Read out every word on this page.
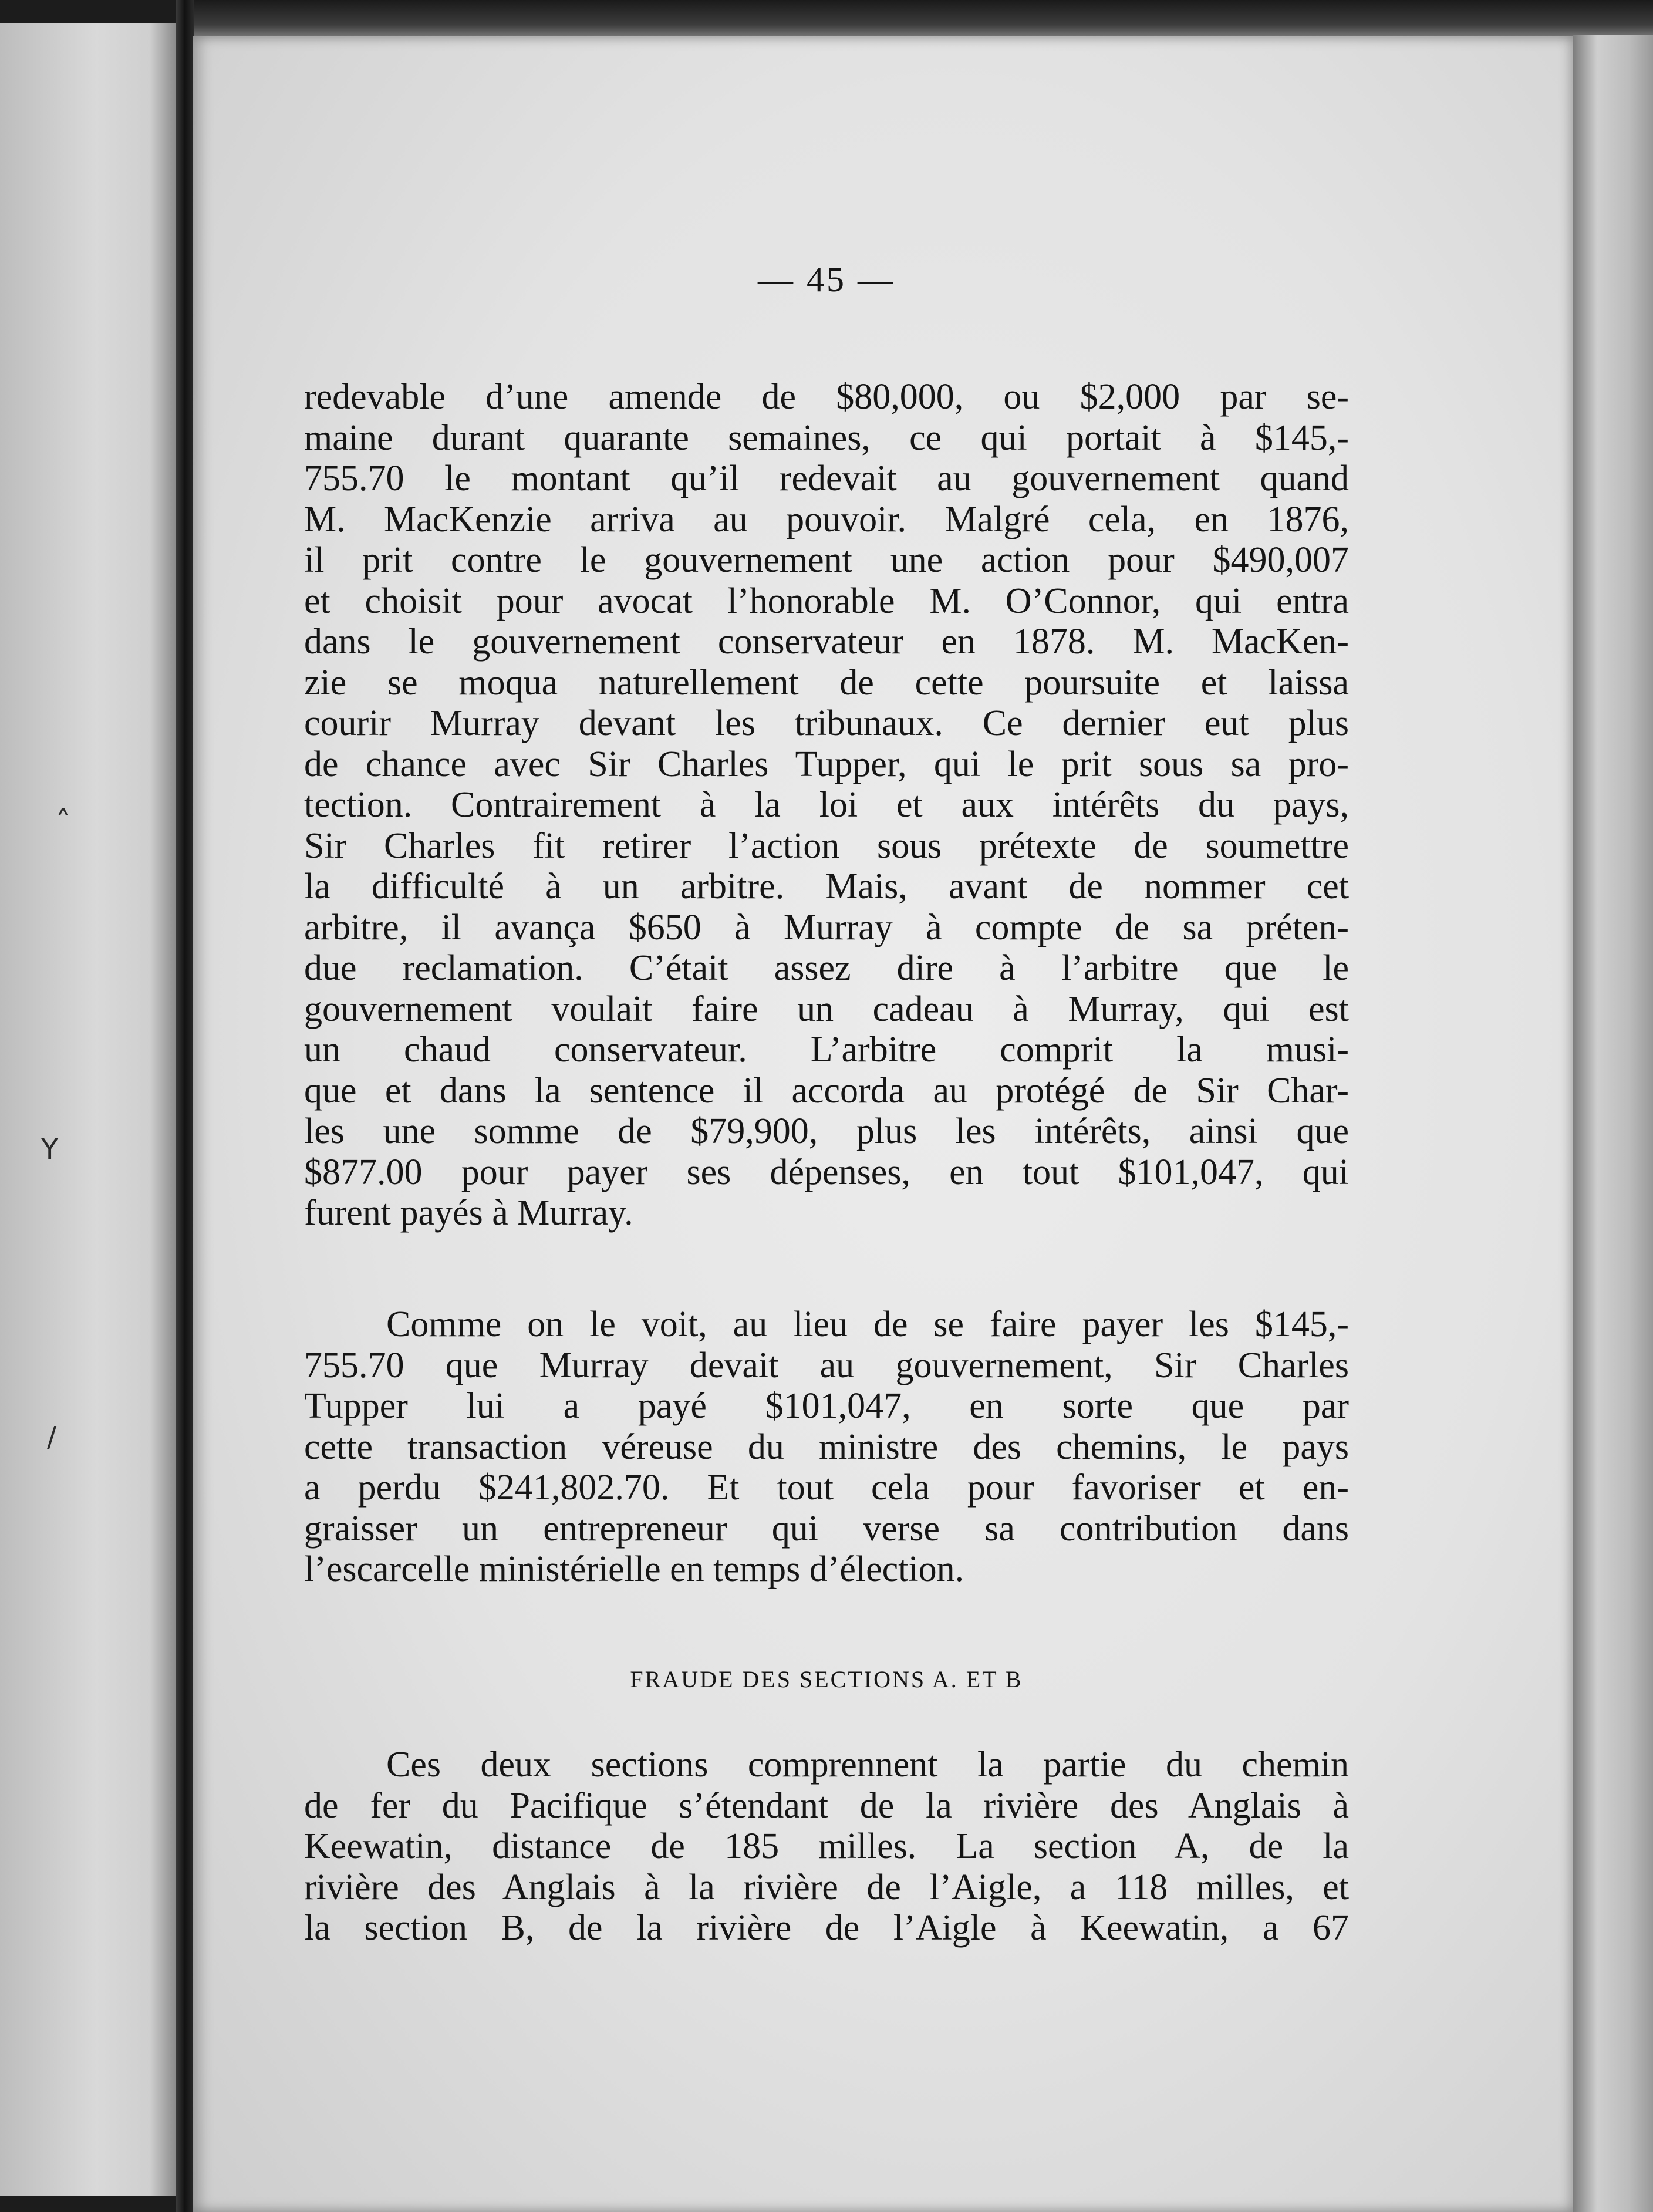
˄
Y
/
— 45 —
redevable d’une amende de $80,000, ou $2,000 par se-
maine durant quarante semaines, ce qui portait à $145,-
755.70 le montant qu’il redevait au gouvernement quand
M. MacKenzie arriva au pouvoir. Malgré cela, en 1876,
il prit contre le gouvernement une action pour $490,007
et choisit pour avocat l’honorable M. O’Connor, qui entra
dans le gouvernement conservateur en 1878. M. MacKen-
zie se moqua naturellement de cette poursuite et laissa
courir Murray devant les tribunaux. Ce dernier eut plus
de chance avec Sir Charles Tupper, qui le prit sous sa pro-
tection. Contrairement à la loi et aux intérêts du pays,
Sir Charles fit retirer l’action sous prétexte de soumettre
la difficulté à un arbitre. Mais, avant de nommer cet
arbitre, il avança $650 à Murray à compte de sa préten-
due reclamation. C’était assez dire à l’arbitre que le
gouvernement voulait faire un cadeau à Murray, qui est
un chaud conservateur. L’arbitre comprit la musi-
que et dans la sentence il accorda au protégé de Sir Char-
les une somme de $79,900, plus les intérêts, ainsi que
$877.00 pour payer ses dépenses, en tout $101,047, qui
furent payés à Murray.
Comme on le voit, au lieu de se faire payer les $145,-
755.70 que Murray devait au gouvernement, Sir Charles
Tupper lui a payé $101,047, en sorte que par
cette transaction véreuse du ministre des chemins, le pays
a perdu $241,802.70. Et tout cela pour favoriser et en-
graisser un entrepreneur qui verse sa contribution dans
l’escarcelle ministérielle en temps d’élection.
FRAUDE DES SECTIONS A. ET B
Ces deux sections comprennent la partie du chemin
de fer du Pacifique s’étendant de la rivière des Anglais à
Keewatin, distance de 185 milles. La section A, de la
rivière des Anglais à la rivière de l’Aigle, a 118 milles, et
la section B, de la rivière de l’Aigle à Keewatin, a 67
